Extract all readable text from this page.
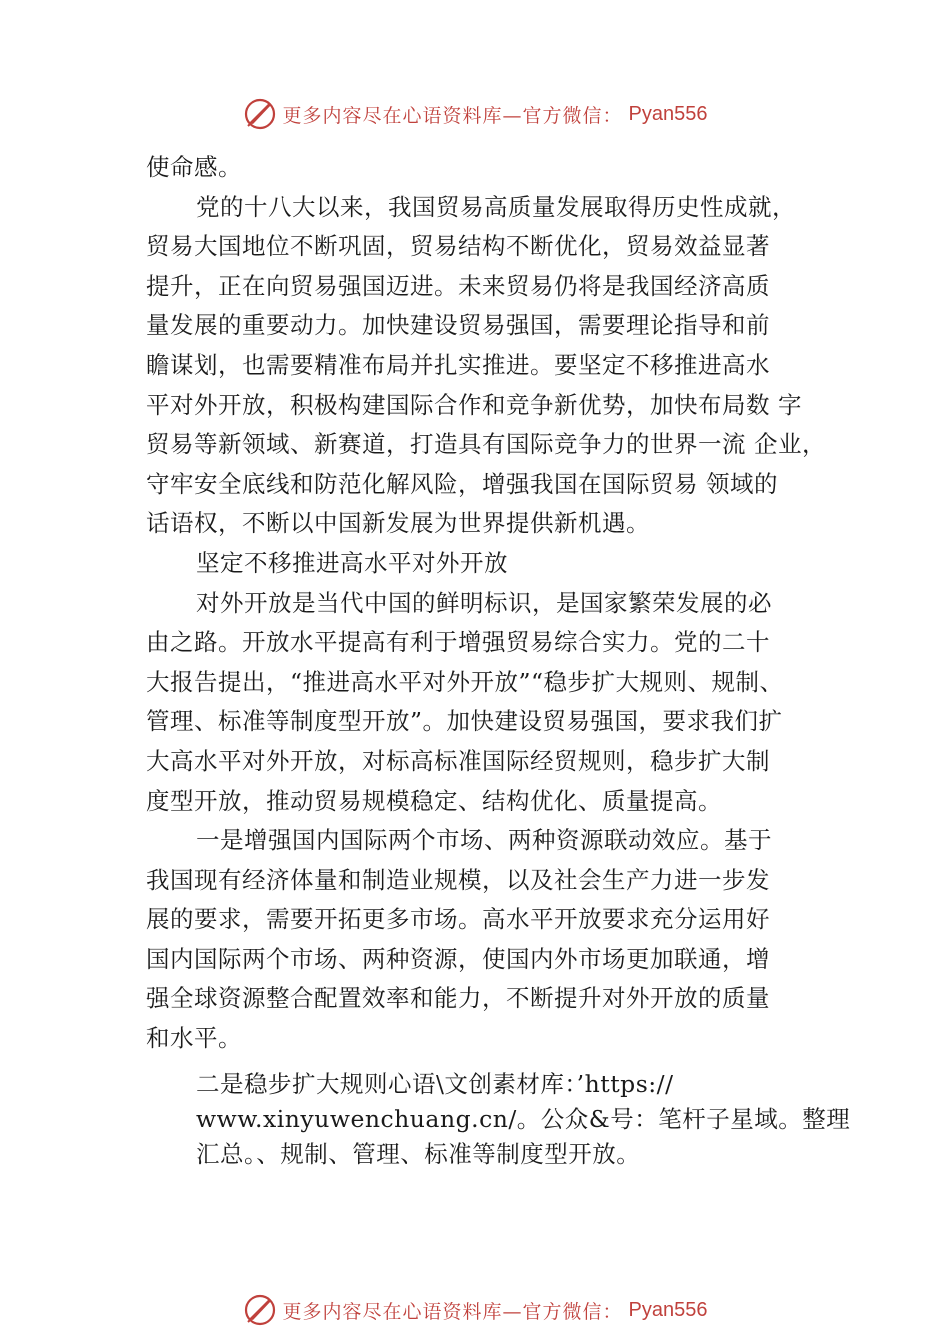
更多内容尽在心语资料库—官方微信： Pyan556
使命感。
党的十八大以来，我国贸易高质量发展取得历史性成就，
贸易大国地位不断巩固，贸易结构不断优化，贸易效益显著
提升，正在向贸易强国迈进。未来贸易仍将是我国经济高质
量发展的重要动力。加快建设贸易强国，需要理论指导和前
瞻谋划，也需要精准布局并扎实推进。要坚定不移推进高水
平对外开放，积极构建国际合作和竞争新优势，加快布局数 字
贸易等新领域、新赛道，打造具有国际竞争力的世界一流 企业，
守牢安全底线和防范化解风险，增强我国在国际贸易 领域的
话语权，不断以中国新发展为世界提供新机遇。
坚定不移推进高水平对外开放
对外开放是当代中国的鲜明标识，是国家繁荣发展的必
由之路。开放水平提高有利于增强贸易综合实力。党的二十
大报告提出，“推进高水平对外开放”“稳步扩大规则、规制、
管理、标准等制度型开放”。加快建设贸易强国，要求我们扩
大高水平对外开放，对标高标准国际经贸规则，稳步扩大制
度型开放，推动贸易规模稳定、结构优化、质量提高。
一是增强国内国际两个市场、两种资源联动效应。基于
我国现有经济体量和制造业规模，以及社会生产力进一步发
展的要求，需要开拓更多市场。高水平开放要求充分运用好
国内国际两个市场、两种资源，使国内外市场更加联通，增
强全球资源整合配置效率和能力，不断提升对外开放的质量
和水平。
二是稳步扩大规则心语\文创素材库：’https://
www.xinyuwenchuang.cn/。公众&号：笔杆子星域。整理
汇总。、规制、管理、标准等制度型开放。
更多内容尽在心语资料库—官方微信： Pyan556
